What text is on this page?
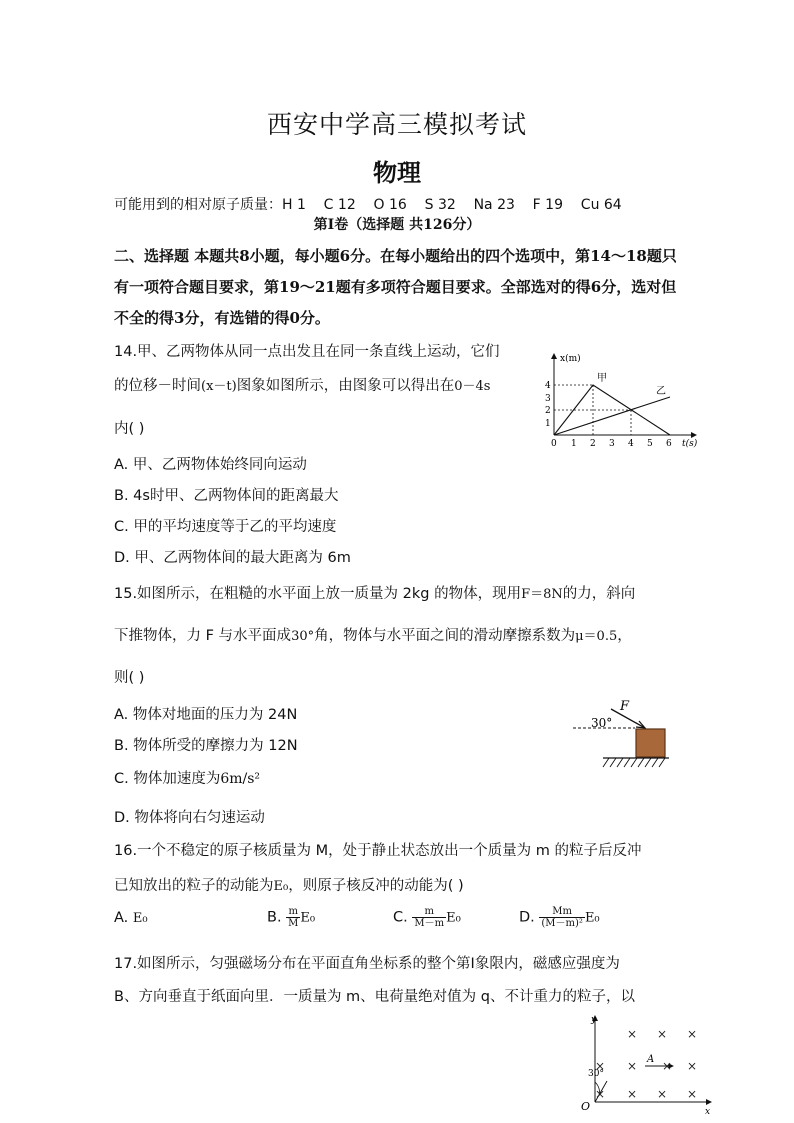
西安中学高三模拟考试
物理
可能用到的相对原子质量：H 1    C 12    O 16    S 32    Na 23    F 19    Cu 64
第Ⅰ卷（选择题 共126分）
二、选择题 本题共8小题，每小题6分。在每小题给出的四个选项中，第14～18题只有一项符合题目要求，第19～21题有多项符合题目要求。全部选对的得6分，选对但不全的得3分，有选错的得0分。
14.甲、乙两物体从同一点出发且在同一条直线上运动，它们
的位移－时间(x－t)图象如图所示，由图象可以得出在0－4s
内( )
A. 甲、乙两物体始终同向运动
B. 4s时甲、乙两物体间的距离最大
C. 甲的平均速度等于乙的平均速度
D. 甲、乙两物体间的最大距离为 6m
x(m)
t(s)
甲
乙
4
3
2
1
0 1 2 3 4 5 6
15.如图所示，在粗糙的水平面上放一质量为 2kg 的物体，现用F＝8N的力，斜向
下推物体，力 F 与水平面成30°角，物体与水平面之间的滑动摩擦系数为μ＝0.5，
则( )
A. 物体对地面的压力为 24N
B. 物体所受的摩擦力为 12N
C. 物体加速度为6m/s²
D. 物体将向右匀速运动
F
30°
16.一个不稳定的原子核质量为 M，处于静止状态放出一个质量为 m 的粒子后反冲
已知放出的粒子的动能为E₀，则原子核反冲的动能为( )
A. E₀	B. $\frac{m}{M} E_0$	C. $\frac{m}{M-m} E_0$	D. $\frac{Mm}{\text{(M－m)²}} E_0$
17.如图所示，匀强磁场分布在平面直角坐标系的整个第Ⅰ象限内，磁感应强度为
B、方向垂直于纸面向里．一质量为 m、电荷量绝对值为 q、不计重力的粒子，以
y
x
O
30°
A
× × ×
× × × ×
× × × ×
